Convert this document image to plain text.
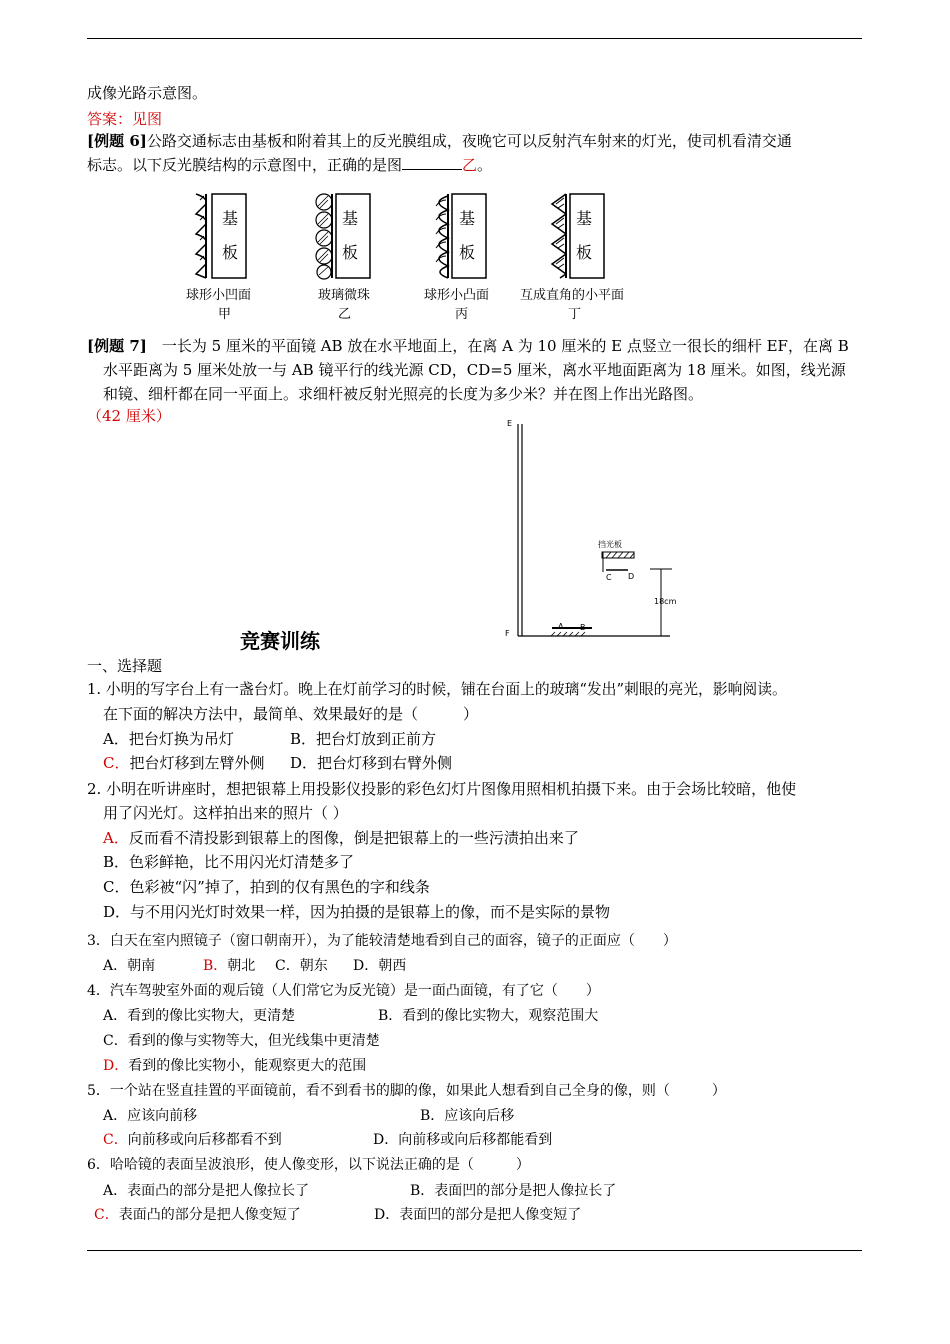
成像光路示意图。
答案：见图
[例题 6]公路交通标志由基板和附着其上的反光膜组成，夜晚它可以反射汽车射来的灯光，使司机看清交通
标志。以下反光膜结构的示意图中，正确的是图	乙。
基
板
球形小凹面
甲
基
板
玻璃微珠
乙
基
板
球形小凸面
丙
基
板
互成直角的小平面
丁
[例题 7]　 一长为 5 厘米的平面镜 AB 放在水平地面上，在离 A 为 10 厘米的 E 点竖立一很长的细杆 EF，在离 B
水平距离为 5 厘米处放一与 AB 镜平行的线光源 CD，CD=5 厘米，离水平地面距离为 18 厘米。如图，线光源
和镜、细杆都在同一平面上。求细杆被反射光照亮的长度为多少米？并在图上作出光路图。
（42 厘米）	E
F
A B
挡光板
C D
18cm
竞赛训练
一、选择题
1. 小明的写字台上有一盏台灯。晚上在灯前学习的时候，铺在台面上的玻璃“发出”刺眼的亮光，影响阅读。
在下面的解决方法中，最简单、效果最好的是（　　　）
A．把台灯换为吊灯	B．把台灯放到正前方
C．把台灯移到左臂外侧 D．把台灯移到右臂外侧
2. 小明在听讲座时，想把银幕上用投影仪投影的彩色幻灯片图像用照相机拍摄下来。由于会场比较暗，他使
用了闪光灯。这样拍出来的照片（ ）
A．反而看不清投影到银幕上的图像，倒是把银幕上的一些污渍拍出来了
B．色彩鲜艳，比不用闪光灯清楚多了
C．色彩被“闪”掉了，拍到的仅有黑色的字和线条
D．与不用闪光灯时效果一样，因为拍摄的是银幕上的像，而不是实际的景物
3．白天在室内照镜子（窗口朝南开），为了能较清楚地看到自己的面容，镜子的正面应（　　）
A．朝南	B．朝北 C．朝东 D．朝西
4．汽车驾驶室外面的观后镜（人们常它为反光镜）是一面凸面镜，有了它（　　）
A．看到的像比实物大，更清楚	B．看到的像比实物大，观察范围大
C．看到的像与实物等大，但光线集中更清楚
D．看到的像比实物小，能观察更大的范围
5．一个站在竖直挂置的平面镜前，看不到看书的脚的像，如果此人想看到自己全身的像，则（　　　）
A．应该向前移	B．应该向后移
C．向前移或向后移都看不到	D．向前移或向后移都能看到
6．哈哈镜的表面呈波浪形，使人像变形，以下说法正确的是（　　　）
A．表面凸的部分是把人像拉长了	B．表面凹的部分是把人像拉长了
C．表面凸的部分是把人像变短了	D．表面凹的部分是把人像变短了
